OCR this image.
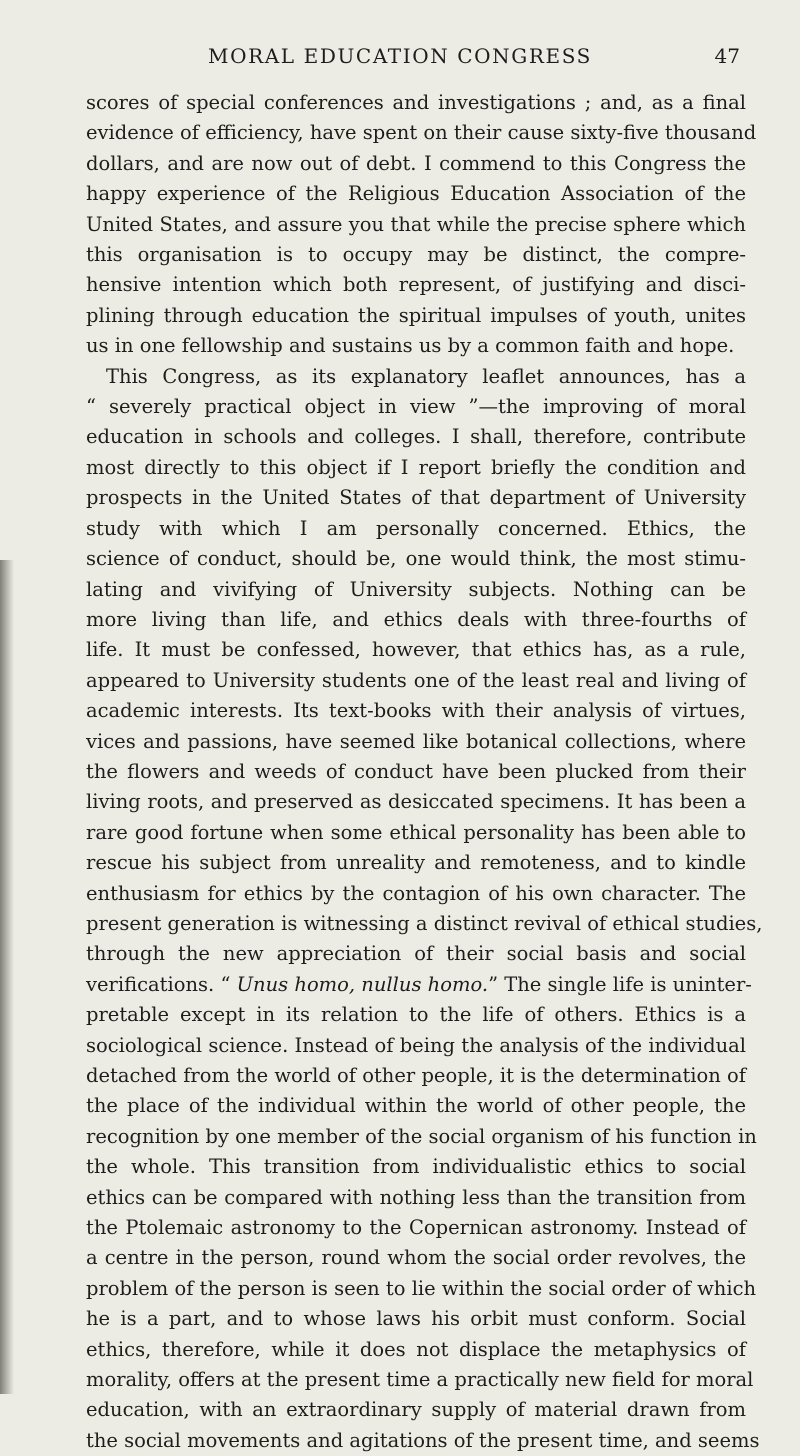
MORAL EDUCATION CONGRESS	47
scores of special conferences and investigations ; and, as a final
evidence of efficiency, have spent on their cause sixty-five thousand
dollars, and are now out of debt. I commend to this Congress the
happy experience of the Religious Education Association of the
United States, and assure you that while the precise sphere which
this organisation is to occupy may be distinct, the compre-
hensive intention which both represent, of justifying and disci-
plining through education the spiritual impulses of youth, unites
us in one fellowship and sustains us by a common faith and hope.
This Congress, as its explanatory leaflet announces, has a
“ severely practical object in view ”—the improving of moral
education in schools and colleges. I shall, therefore, contribute
most directly to this object if I report briefly the condition and
prospects in the United States of that department of University
study with which I am personally concerned. Ethics, the
science of conduct, should be, one would think, the most stimu-
lating and vivifying of University subjects. Nothing can be
more living than life, and ethics deals with three-fourths of
life. It must be confessed, however, that ethics has, as a rule,
appeared to University students one of the least real and living of
academic interests. Its text-books with their analysis of virtues,
vices and passions, have seemed like botanical collections, where
the flowers and weeds of conduct have been plucked from their
living roots, and preserved as desiccated specimens. It has been a
rare good fortune when some ethical personality has been able to
rescue his subject from unreality and remoteness, and to kindle
enthusiasm for ethics by the contagion of his own character. The
present generation is witnessing a distinct revival of ethical studies,
through the new appreciation of their social basis and social
verifications. “ Unus homo, nullus homo.” The single life is uninter-
pretable except in its relation to the life of others. Ethics is a
sociological science. Instead of being the analysis of the individual
detached from the world of other people, it is the determination of
the place of the individual within the world of other people, the
recognition by one member of the social organism of his function in
the whole. This transition from individualistic ethics to social
ethics can be compared with nothing less than the transition from
the Ptolemaic astronomy to the Copernican astronomy. Instead of
a centre in the person, round whom the social order revolves, the
problem of the person is seen to lie within the social order of which
he is a part, and to whose laws his orbit must conform. Social
ethics, therefore, while it does not displace the metaphysics of
morality, offers at the present time a practically new field for moral
education, with an extraordinary supply of material drawn from
the social movements and agitations of the present time, and seems
